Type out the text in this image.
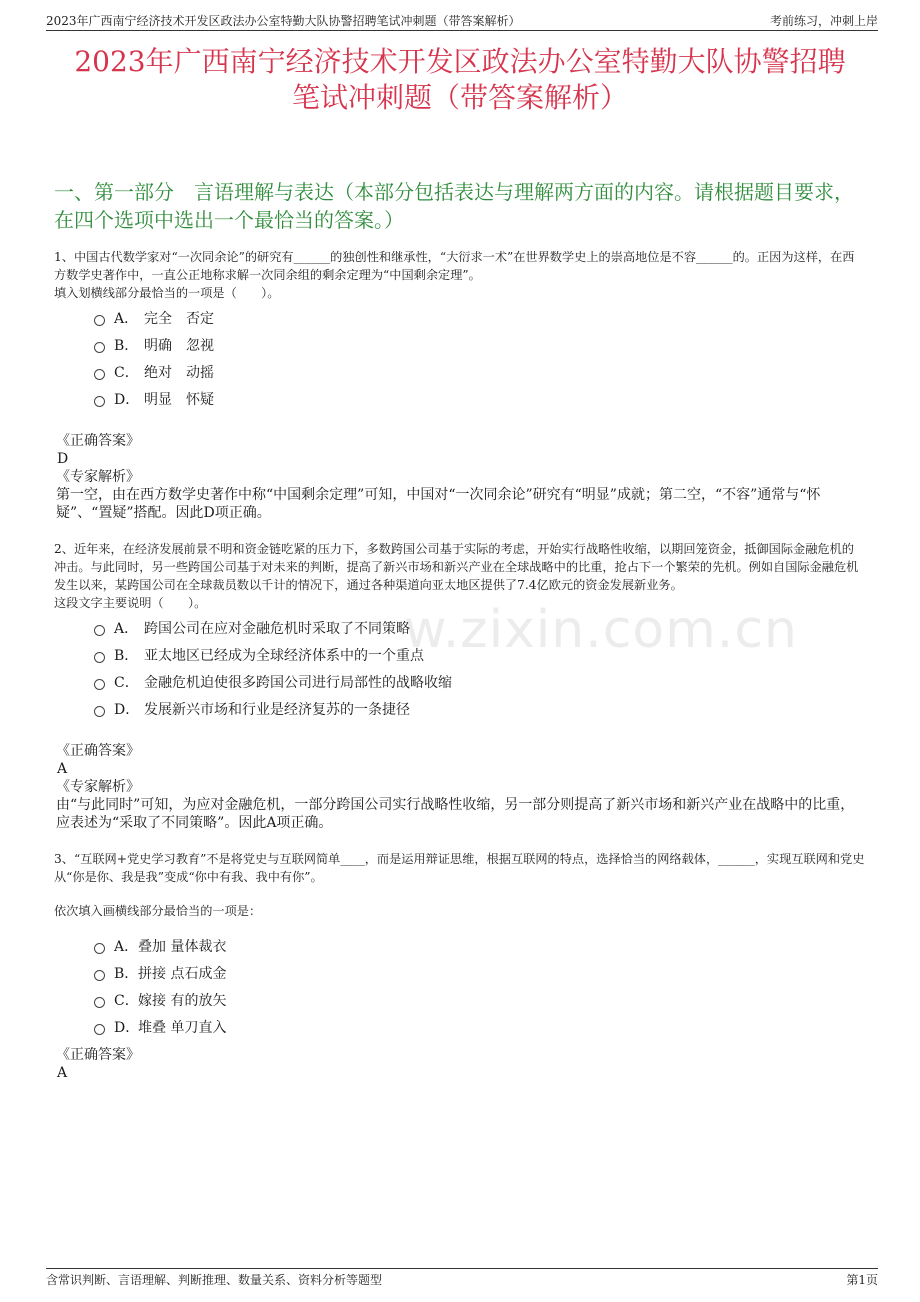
2023年广西南宁经济技术开发区政法办公室特勤大队协警招聘笔试冲刺题（带答案解析）	考前练习，冲刺上岸
2023年广西南宁经济技术开发区政法办公室特勤大队协警招聘
笔试冲刺题（带答案解析）
一、第一部分　言语理解与表达（本部分包括表达与理解两方面的内容。请根据题目要求，在四个选项中选出一个最恰当的答案。）
w.zixin.com.cn

1、中国古代数学家对“一次同余论”的研究有______的独创性和继承性，“大衍求一术”在世界数学史上的崇高地位是不容______的。正因为这样，在西方数学史著作中，一直公正地称求解一次同余组的剩余定理为“中国剩余定理”。

填入划横线部分最恰当的一项是（　　）。

A． 完全　否定
B． 明确　忽视
C． 绝对　动摇
D． 明显　怀疑
《正确答案》
D
《专家解析》
第一空，由在西方数学史著作中称“中国剩余定理”可知，中国对“一次同余论”研究有“明显”成就；第二空，“不容”通常与“怀疑”、“置疑”搭配。因此D项正确。

2、近年来，在经济发展前景不明和资金链吃紧的压力下，多数跨国公司基于实际的考虑，开始实行战略性收缩，以期回笼资金，抵御国际金融危机的冲击。与此同时，另一些跨国公司基于对未来的判断，提高了新兴市场和新兴产业在全球战略中的比重，抢占下一个繁荣的先机。例如自国际金融危机发生以来，某跨国公司在全球裁员数以千计的情况下，通过各种渠道向亚太地区提供了7.4亿欧元的资金发展新业务。

这段文字主要说明（　　）。

A． 跨国公司在应对金融危机时采取了不同策略
B． 亚太地区已经成为全球经济体系中的一个重点
C． 金融危机迫使很多跨国公司进行局部性的战略收缩
D． 发展新兴市场和行业是经济复苏的一条捷径
《正确答案》
A
《专家解析》
由“与此同时”可知，为应对金融危机，一部分跨国公司实行战略性收缩，另一部分则提高了新兴市场和新兴产业在战略中的比重，应表述为“采取了不同策略”。因此A项正确。

3、“互联网+党史学习教育”不是将党史与互联网简单____，而是运用辩证思维，根据互联网的特点，选择恰当的网络载体，______，实现互联网和党史从“你是你、我是我”变成“你中有我、我中有你”。

依次填入画横线部分最恰当的一项是：

A． 叠加 量体裁衣
B． 拼接 点石成金
C． 嫁接 有的放矢
D．
堆叠 单刀直入
《正确答案》
A
含常识判断、言语理解、判断推理、数量关系、资料分析等题型	第1页
